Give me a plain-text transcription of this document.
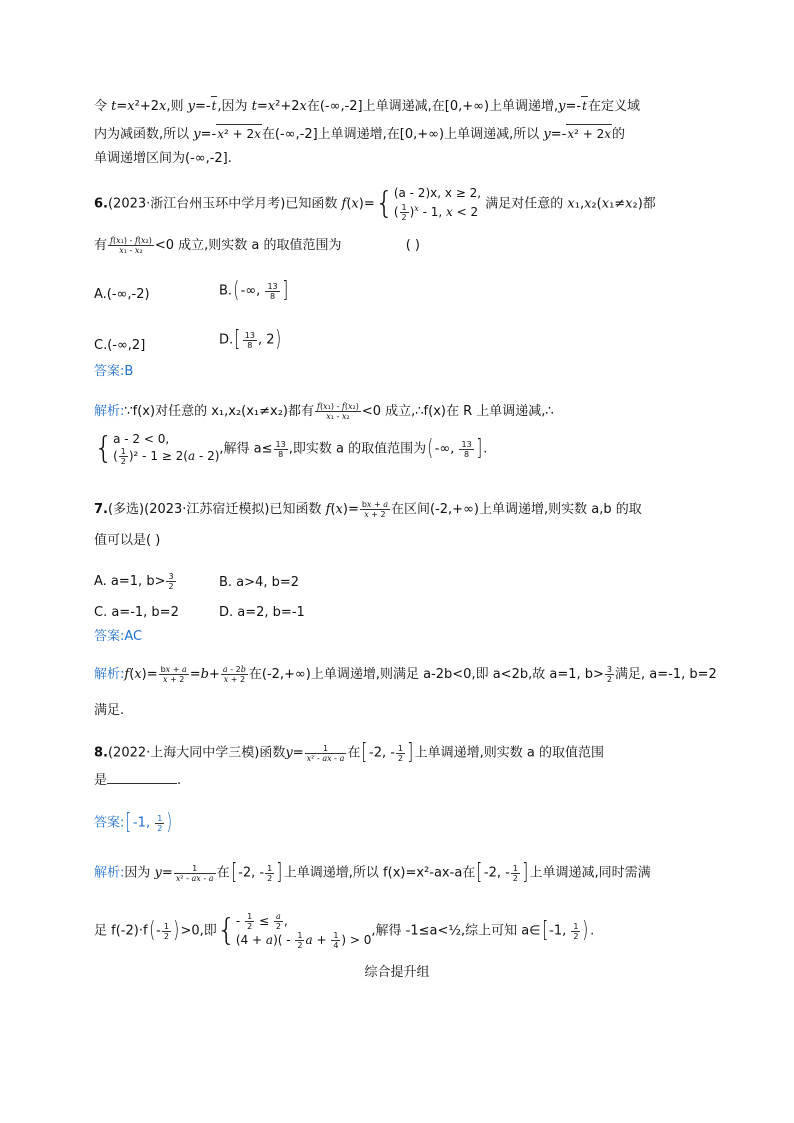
令 t=x²+2x,则 y=-t,因为 t=x²+2x在(-∞,-2]上单调递减,在[0,+∞)上单调递增,y=-t在定义域
内为减函数,所以 y=-x² + 2x在(-∞,-2]上单调递增,在[0,+∞)上单调递减,所以 y=-x² + 2x的
单调递增区间为(-∞,-2].
6.(2023·浙江台州玉环中学月考)已知函数 f(x)={ (a - 2)x, x ≥ 2,
( $\frac{1}{2} )^x - 1$, x < 2
满足对任意的 x₁,x₂(x₁≠x₂)都
有 $\frac{\text{f(x₁) - f(x₂)}}{\text{x₁ - x₂}} <0$ 成立,则实数 a 的取值范围为	( )
A.(-∞,-2)	B.(-∞, $\frac{13}{8}$ ]
C.(-∞,2]	$D.[ \frac{13}{8}$ , 2)
答案:B
解析:∵f(x)对任意的 x₁,x₂(x₁≠x₂)都有 $\frac{\text{f(x₁) - f(x₂)}}{\text{x₁ - x₂}} <0$ 成立,∴f(x)在 R 上单调递减,∴
{ a - 2 < 0,
( $\frac{1}{2} )^2 - 1 \ge 2(a - 2)$ ,解得 $a\le \frac{13}{8}$ ,即实数 a 的取值范围为(-∞, $\frac{13}{8}$ ].
7.(多选)(2023·江苏宿迁模拟)已知函数 $f(x)= \frac{bx + a}{x + 2}$ 在区间(-2,+∞)上单调递增,则实数 a,b 的取
值可以是( )
A. a=1, $b> \frac{3}{2}$	B. a>4, b=2
C. a=-1, b=2	D. a=2, b=-1
答案:AC
解析:f(x)= $\frac{bx + a}{x + 2} =b+ \frac{a - 2b}{x + 2}$ 在(-2,+∞)上单调递增,则满足 a-2b<0,即 a<2b,故 a=1, $b> \frac{3}{2}$ 满足, a=-1, b=2
满足.
8.(2022·上海大同中学三模)函数$y= \frac{1}{\text{x² - ax - a}}$ 在[-2, - $\frac{1}{2}$ ]上单调递增,则实数 a 的取值范围
是	.
答案:[-1, $\frac{1}{2}$ )
解析:因为 $y= \frac{1}{\text{x² - ax - a}}$ 在[-2, - $\frac{1}{2}$ ]上单调递增,所以 f(x)=x²-ax-a在[-2, - $\frac{1}{2}$ ]上单调递减,同时需满
足 $f(-2)\cdot f(- \frac{1}{2} )>0$,即{ - $\frac{1}{2} \le \frac{a}{2}$ ,
$(4 + a)( - \frac{1}{2}$ $a + \frac{1}{4}$ ) > 0
,解得 -1≤a<½,综上可知 a∈[-1, $\frac{1}{2}$ ).
综合提升组
